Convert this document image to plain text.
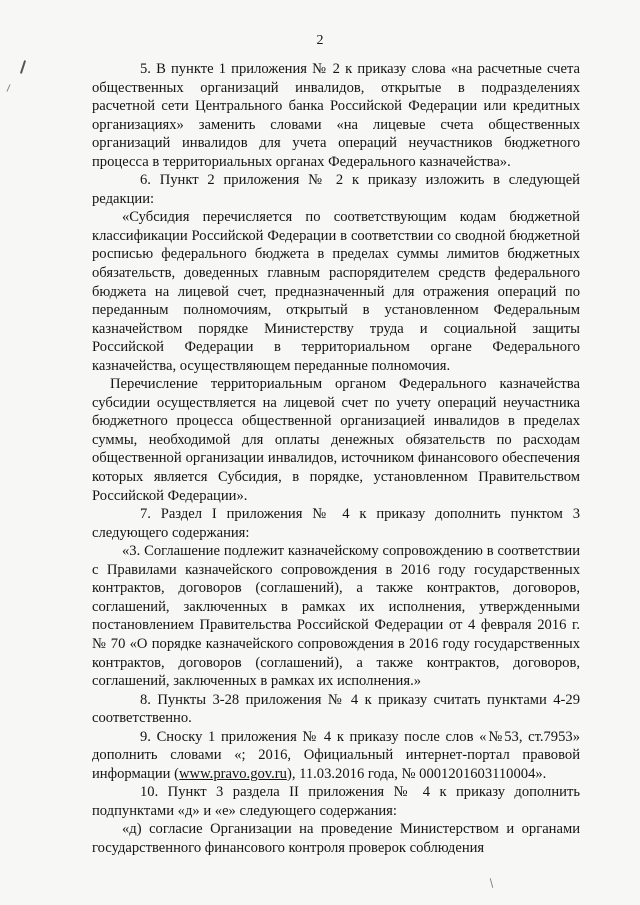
2

5. В пункте 1 приложения № 2 к приказу слова «на расчетные счета общественных организаций инвалидов, открытые в подразделениях расчетной сети Центрального банка Российской Федерации или кредитных организациях» заменить словами «на лицевые счета общественных организаций инвалидов для учета операций неучастников бюджетного процесса в территориальных органах Федерального казначейства».

6. Пункт 2 приложения № 2 к приказу изложить в следующей редакции:

«Субсидия перечисляется по соответствующим кодам бюджетной классификации Российской Федерации в соответствии со сводной бюджетной росписью федерального бюджета в пределах суммы лимитов бюджетных обязательств, доведенных главным распорядителем средств федерального бюджета на лицевой счет, предназначенный для отражения операций по переданным полномочиям, открытый в установленном Федеральным казначейством порядке Министерству труда и социальной защиты Российской Федерации в территориальном органе Федерального казначейства, осуществляющем переданные полномочия.

Перечисление территориальным органом Федерального казначейства субсидии осуществляется на лицевой счет по учету операций неучастника бюджетного процесса общественной организацией инвалидов в пределах суммы, необходимой для оплаты денежных обязательств по расходам общественной организации инвалидов, источником финансового обеспечения которых является Субсидия, в порядке, установленном Правительством Российской Федерации».

7. Раздел I приложения № 4 к приказу дополнить пунктом 3 следующего содержания:

«3. Соглашение подлежит казначейскому сопровождению в соответствии с Правилами казначейского сопровождения в 2016 году государственных контрактов, договоров (соглашений), а также контрактов, договоров, соглашений, заключенных в рамках их исполнения, утвержденными постановлением Правительства Российской Федерации от 4 февраля 2016 г. № 70 «О порядке казначейского сопровождения в 2016 году государственных контрактов, договоров (соглашений), а также контрактов, договоров, соглашений, заключенных в рамках их исполнения.»

8. Пункты 3-28 приложения № 4 к приказу считать пунктами 4-29 соответственно.

9. Сноску 1 приложения № 4 к приказу после слов «№53, ст.7953» дополнить словами «; 2016, Официальный интернет-портал правовой информации (www.pravo.gov.ru), 11.03.2016 года, № 0001201603110004».

10. Пункт 3 раздела II приложения № 4 к приказу дополнить подпунктами «д» и «е» следующего содержания:

«д) согласие Организации на проведение Министерством и органами государственного финансового контроля проверок соблюдения
